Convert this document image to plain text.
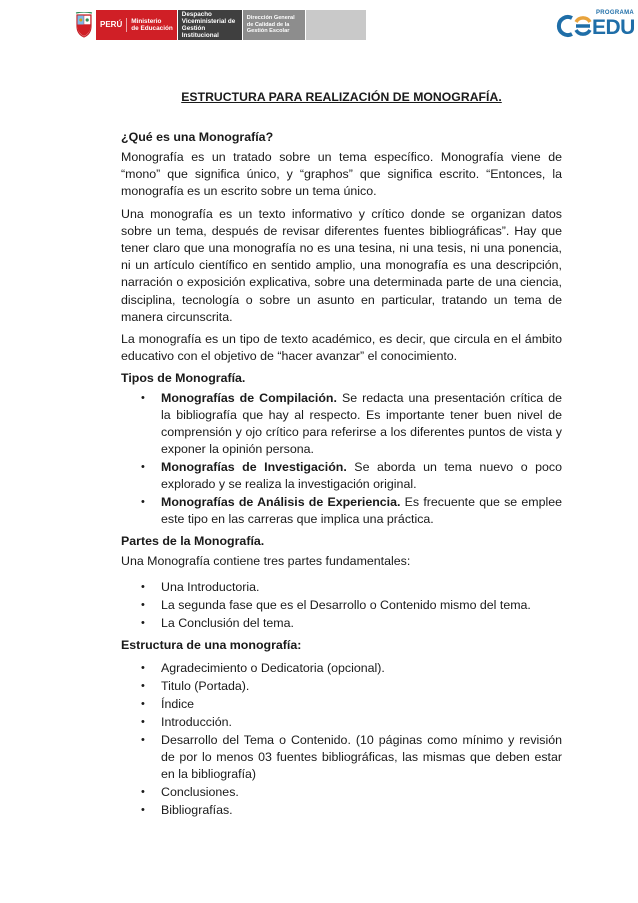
PERÚ Ministerio
de Educación
Despacho
Viceministerial de
Gestión Institucional
Dirección General
de Calidad de la
Gestión Escolar
PROGRAMA
EDU
ESTRUCTURA PARA REALIZACIÓN DE MONOGRAFÍA.
¿Qué es una Monografía?

Monografía es un tratado sobre un tema específico. Monografía viene de “mono” que significa único, y “graphos” que significa escrito. “Entonces, la monografía es un escrito sobre un tema único.

Una monografía es un texto informativo y crítico donde se organizan datos sobre un tema, después de revisar diferentes fuentes bibliográficas”. Hay que tener claro que una monografía no es una tesina, ni una tesis, ni una ponencia, ni un artículo científico en sentido amplio, una monografía es una descripción, narración o exposición explicativa, sobre una determinada parte de una ciencia, disciplina, tecnología o sobre un asunto en particular, tratando un tema de manera circunscrita.

La monografía es un tipo de texto académico, es decir, que circula en el ámbito educativo con el objetivo de “hacer avanzar” el conocimiento.

Tipos de Monografía.
• Monografías de Compilación. Se redacta una presentación crítica de la bibliografía que hay al respecto. Es importante tener buen nivel de comprensión y ojo crítico para referirse a los diferentes puntos de vista y exponer la opinión persona.
• Monografías de Investigación. Se aborda un tema nuevo o poco explorado y se realiza la investigación original.
• Monografías de Análisis de Experiencia. Es frecuente que se emplee este tipo en las carreras que implica una práctica.
Partes de la Monografía.

Una Monografía contiene tres partes fundamentales:

• Una Introductoria.
• La segunda fase que es el Desarrollo o Contenido mismo del tema.
• La Conclusión del tema.
Estructura de una monografía:
• Agradecimiento o Dedicatoria (opcional).
• Titulo (Portada).
• Índice
• Introducción.
• Desarrollo del Tema o Contenido. (10 páginas como mínimo y revisión de por lo menos 03 fuentes bibliográficas, las mismas que deben estar en la bibliografía)
• Conclusiones.
• Bibliografías.
